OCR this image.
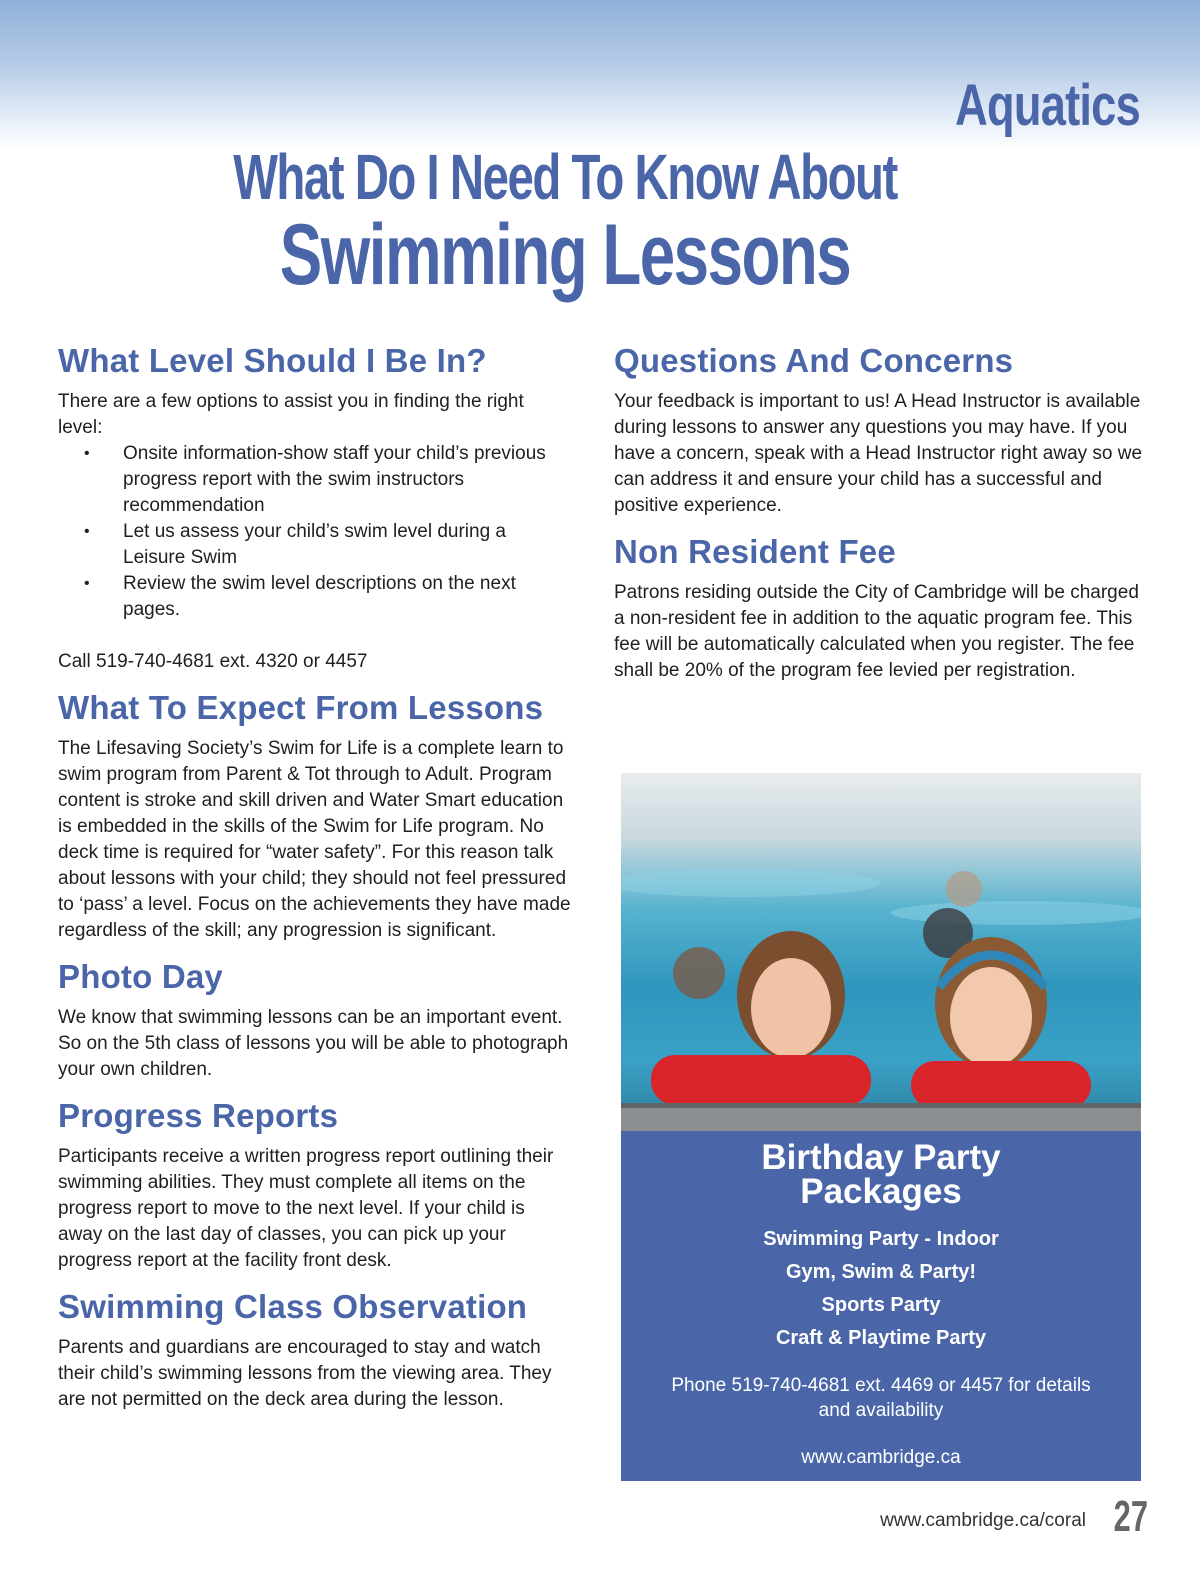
Aquatics
What Do I Need To Know About
Swimming Lessons
What Level Should I Be In?

There are a few options to assist you in finding the right level:

• Onsite information-show staff your child’s previous progress report with the swim instructors recommendation
• Let us assess your child’s swim level during a Leisure Swim
• Review the swim level descriptions on the next pages.

Call 519-740-4681 ext. 4320 or 4457

What To Expect From Lessons

The Lifesaving Society’s Swim for Life is a complete learn to swim program from Parent & Tot through to Adult. Program content is stroke and skill driven and Water Smart education is embedded in the skills of the Swim for Life program. No deck time is required for “water safety”. For this reason talk about lessons with your child; they should not feel pressured to ‘pass’ a level. Focus on the achievements they have made regardless of the skill; any progression is significant.

Photo Day

We know that swimming lessons can be an important event. So on the 5th class of lessons you will be able to photograph your own children.

Progress Reports

Participants receive a written progress report outlining their swimming abilities. They must complete all items on the progress report to move to the next level. If your child is away on the last day of classes, you can pick up your progress report at the facility front desk.

Swimming Class Observation

Parents and guardians are encouraged to stay and watch their child’s swimming lessons from the viewing area. They are not permitted on the deck area during the lesson.

Questions And Concerns

Your feedback is important to us! A Head Instructor is available during lessons to answer any questions you may have. If you have a concern, speak with a Head Instructor right away so we can address it and ensure your child has a successful and positive experience.

Non Resident Fee

Patrons residing outside the City of Cambridge will be charged a non-resident fee in addition to the aquatic program fee. This fee will be automatically calculated when you register. The fee shall be 20% of the program fee levied per registration.

Birthday Party
Packages
Swimming Party - Indoor
Gym, Swim & Party!
Sports Party
Craft & Playtime Party
Phone 519-740-4681 ext. 4469 or 4457 for details and availability
www.cambridge.ca
www.cambridge.ca/coral 27
